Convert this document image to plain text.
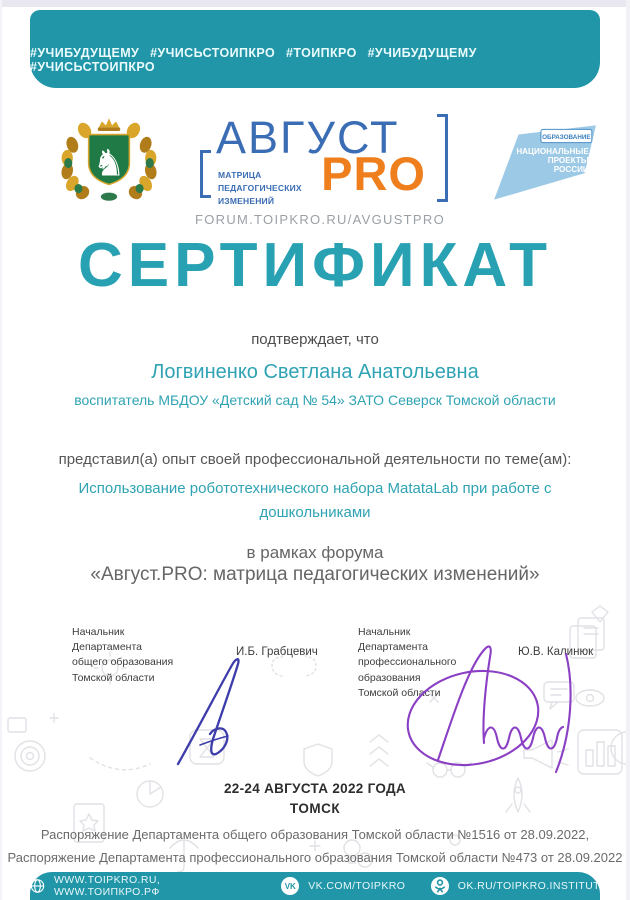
#УЧИБУДУЩЕМУ #УЧИСЬСТОИПКРО #ТОИПКРО #УЧИБУДУЩЕМУ #УЧИСЬСТОИПКРО
♞ АВГУСТ
PRO
МАТРИЦА
ПЕДАГОГИЧЕСКИХ
ИЗМЕНЕНИЙ
FORUM.TOIPKRO.RU/AVGUSTPRO
ОБРАЗОВАНИЕ
НАЦИОНАЛЬНЫЕ
ПРОЕКТЫ
РОССИИ
СЕРТИФИКАТ
подтверждает, что
Логвиненко Светлана Анатольевна
воспитатель МБДОУ «Детский сад № 54» ЗАТО Северск Томской области
представил(а) опыт своей профессиональной деятельности по теме(ам):
Использование робототехнического набора MatataLab при работе с дошкольниками
в рамках форума
«Август.PRO: матрица педагогических изменений»
Начальник
Департамента
общего образования
Томской области
И.Б. Грабцевич
Начальник
Департамента
профессионального
образования
Томской области
Ю.В. Калинюк
22-24 АВГУСТА 2022 ГОДА
ТОМСК
Распоряжение Департамента общего образования Томской области №1516 от 28.09.2022,
Распоряжение Департамента профессионального образования Томской области №473 от 28.09.2022
WWW.TOIPKRO.RU, WWW.ТОИПКРО.РФ	VK VK.COM/TOIPKRO	OK.RU/TOIPKRO.INSTITUT
